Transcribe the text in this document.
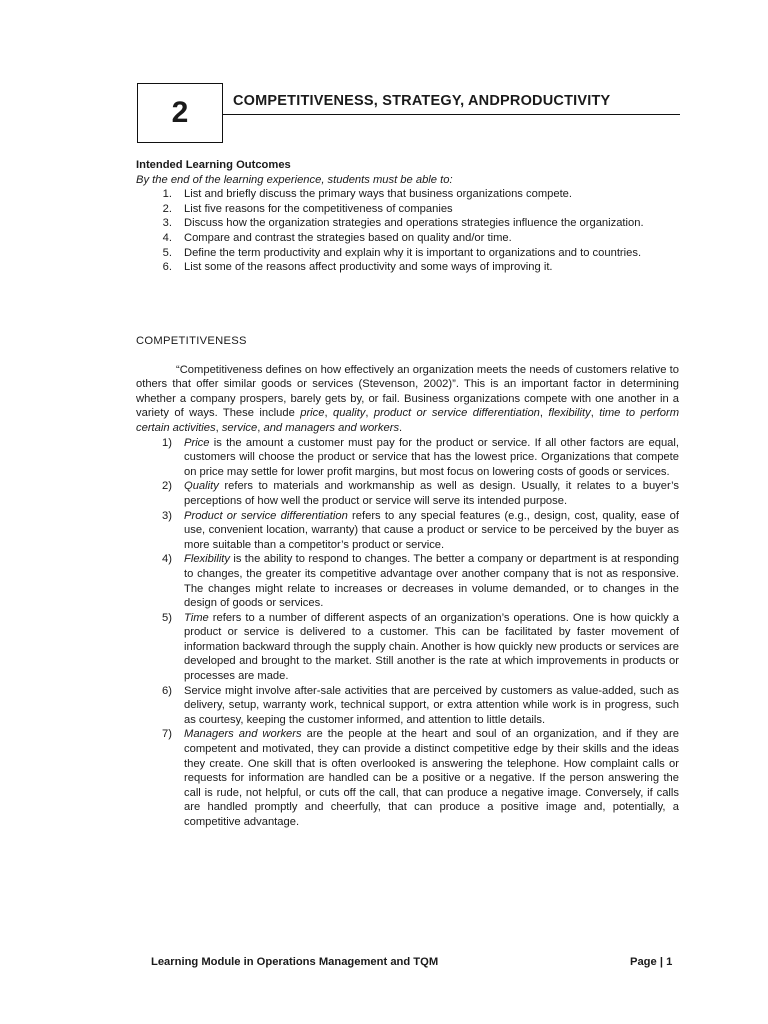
2	COMPETITIVENESS, STRATEGY, ANDPRODUCTIVITY
Intended Learning Outcomes
By the end of the learning experience, students must be able to:
1.	List and briefly discuss the primary ways that business organizations compete.
2.	List five reasons for the competitiveness of companies
3.	Discuss how the organization strategies and operations strategies influence the organization.
4.	Compare and contrast the strategies based on quality and/or time.
5.	Define the term productivity and explain why it is important to organizations and to countries.
6.	List some of the reasons affect productivity and some ways of improving it.
COMPETITIVENESS

“Competitiveness defines on how effectively an organization meets the needs of customers relative to others that offer similar goods or services (Stevenson, 2002)”. This is an important factor in determining whether a company prospers, barely gets by, or fail. Business organizations compete with one another in a variety of ways. These include price, quality, product or service differentiation, flexibility, time to perform certain activities, service, and managers and workers.

1)	Price is the amount a customer must pay for the product or service. If all other factors are equal, customers will choose the product or service that has the lowest price. Organizations that compete on price may settle for lower profit margins, but most focus on lowering costs of goods or services.
2)	Quality refers to materials and workmanship as well as design. Usually, it relates to a buyer’s perceptions of how well the product or service will serve its intended purpose.
3)	Product or service differentiation refers to any special features (e.g., design, cost, quality, ease of use, convenient location, warranty) that cause a product or service to be perceived by the buyer as more suitable than a competitor’s product or service.
4)	Flexibility is the ability to respond to changes. The better a company or department is at responding to changes, the greater its competitive advantage over another company that is not as responsive. The changes might relate to increases or decreases in volume demanded, or to changes in the design of goods or services.
5)	Time refers to a number of different aspects of an organization’s operations. One is how quickly a product or service is delivered to a customer. This can be facilitated by faster movement of information backward through the supply chain. Another is how quickly new products or services are developed and brought to the market. Still another is the rate at which improvements in products or processes are made.
6)	Service might involve after-sale activities that are perceived by customers as value-added, such as delivery, setup, warranty work, technical support, or extra attention while work is in progress, such as courtesy, keeping the customer informed, and attention to little details.
7)	Managers and workers are the people at the heart and soul of an organization, and if they are competent and motivated, they can provide a distinct competitive edge by their skills and the ideas they create. One skill that is often overlooked is answering the telephone. How complaint calls or requests for information are handled can be a positive or a negative. If the person answering the call is rude, not helpful, or cuts off the call, that can produce a negative image. Conversely, if calls are handled promptly and cheerfully, that can produce a positive image and, potentially, a competitive advantage.
Learning Module in Operations Management and TQM	Page | 1
